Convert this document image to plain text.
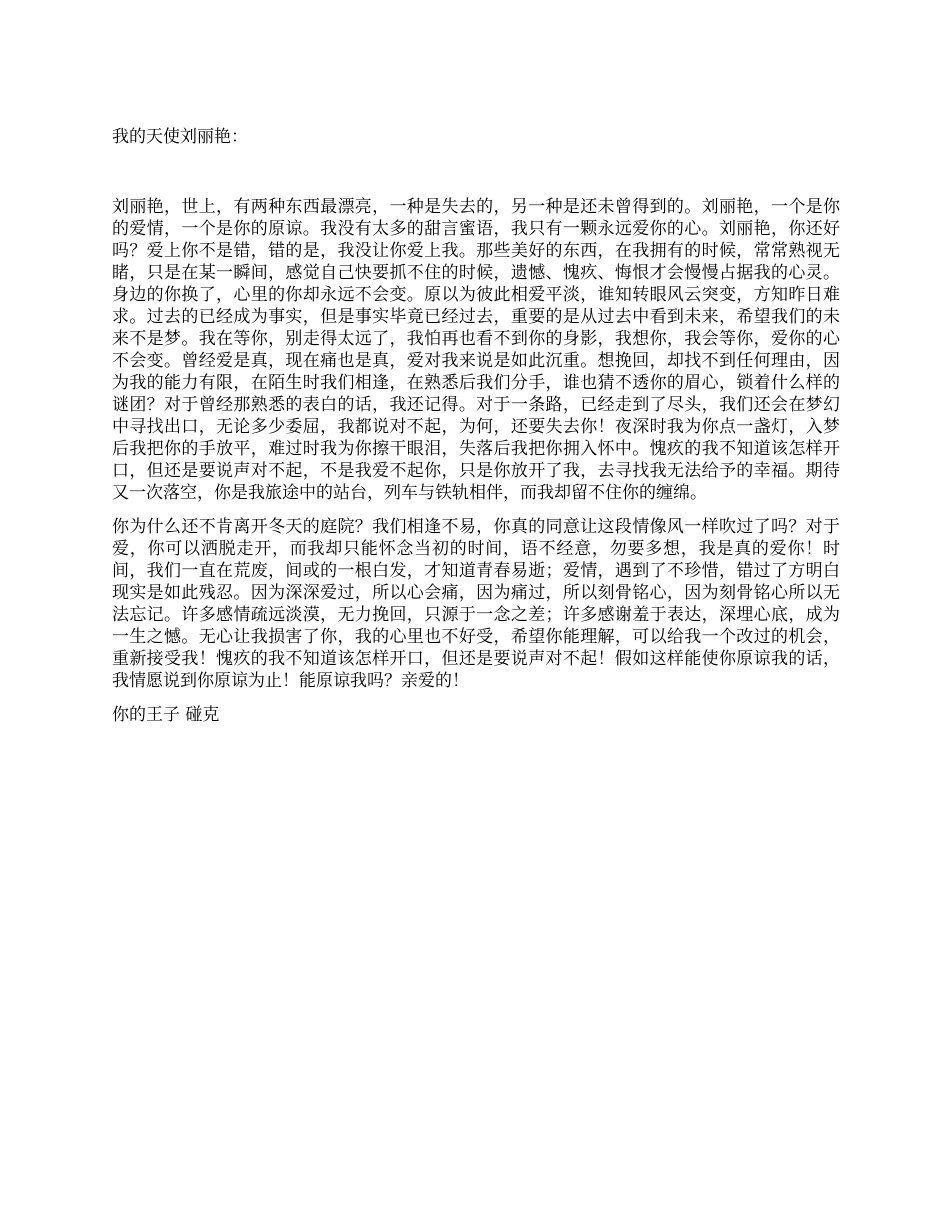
我的天使刘丽艳：

刘丽艳，世上，有两种东西最漂亮，一种是失去的，另一种是还未曾得到的。刘丽艳，一个是你的爱情，一个是你的原谅。我没有太多的甜言蜜语，我只有一颗永远爱你的心。刘丽艳，你还好吗？爱上你不是错，错的是，我没让你爱上我。那些美好的东西，在我拥有的时候，常常熟视无睹，只是在某一瞬间，感觉自己快要抓不住的时候，遗憾、愧疚、悔恨才会慢慢占据我的心灵。身边的你换了，心里的你却永远不会变。原以为彼此相爱平淡，谁知转眼风云突变，方知昨日难求。过去的已经成为事实，但是事实毕竟已经过去，重要的是从过去中看到未来，希望我们的未来不是梦。我在等你，别走得太远了，我怕再也看不到你的身影，我想你，我会等你，爱你的心不会变。曾经爱是真，现在痛也是真，爱对我来说是如此沉重。想挽回，却找不到任何理由，因为我的能力有限，在陌生时我们相逢，在熟悉后我们分手，谁也猜不透你的眉心，锁着什么样的谜团？对于曾经那熟悉的表白的话，我还记得。对于一条路，已经走到了尽头，我们还会在梦幻中寻找出口，无论多少委屈，我都说对不起，为何，还要失去你！夜深时我为你点一盏灯，入梦后我把你的手放平，难过时我为你擦干眼泪，失落后我把你拥入怀中。愧疚的我不知道该怎样开口，但还是要说声对不起，不是我爱不起你，只是你放开了我，去寻找我无法给予的幸福。期待又一次落空，你是我旅途中的站台，列车与铁轨相伴，而我却留不住你的缠绵。

你为什么还不肯离开冬天的庭院？我们相逢不易，你真的同意让这段情像风一样吹过了吗？对于爱，你可以洒脱走开，而我却只能怀念当初的时间，语不经意，勿要多想，我是真的爱你！时间，我们一直在荒废，间或的一根白发，才知道青春易逝；爱情，遇到了不珍惜，错过了方明白现实是如此残忍。因为深深爱过，所以心会痛，因为痛过，所以刻骨铭心，因为刻骨铭心所以无法忘记。许多感情疏远淡漠，无力挽回，只源于一念之差；许多感谢羞于表达，深埋心底，成为一生之憾。无心让我损害了你，我的心里也不好受，希望你能理解，可以给我一个改过的机会，重新接受我！愧疚的我不知道该怎样开口，但还是要说声对不起！假如这样能使你原谅我的话，我情愿说到你原谅为止！能原谅我吗？亲爱的！

你的王子 碰克
